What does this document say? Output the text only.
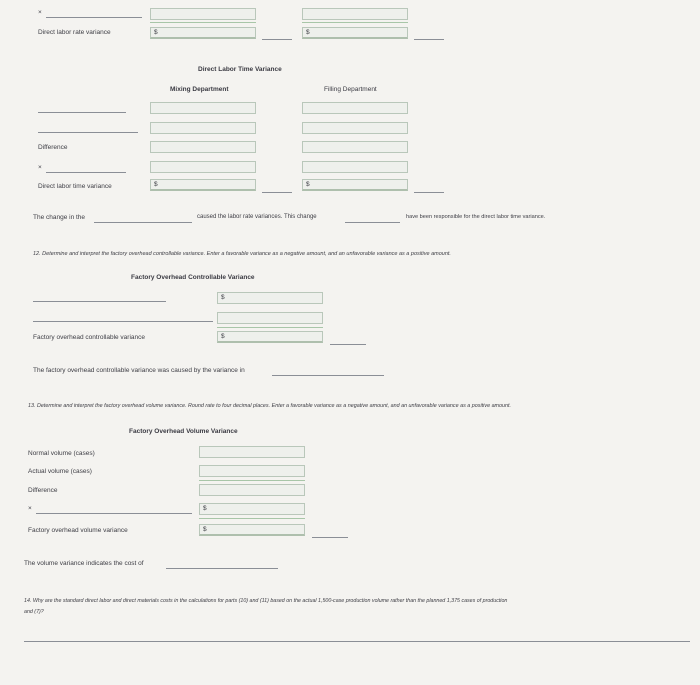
×
Direct labor rate variance	$	$
Direct Labor Time Variance
Mixing Department	Filling Department
Difference
×
Direct labor time variance	$	$
The change in the	caused the labor rate variances. This change	have been responsible for the direct labor time variance.
12. Determine and interpret the factory overhead controllable variance. Enter a favorable variance as a negative amount, and an unfavorable variance as a positive amount.
Factory Overhead Controllable Variance
$
Factory overhead controllable variance	$
The factory overhead controllable variance was caused by the variance in
13. Determine and interpret the factory overhead volume variance. Round rate to four decimal places. Enter a favorable variance as a negative amount, and an unfavorable variance as a positive amount.
Factory Overhead Volume Variance
Normal volume (cases)
Actual volume (cases)
Difference
×	$
Factory overhead volume variance	$
The volume variance indicates the cost of
14. Why are the standard direct labor and direct materials costs in the calculations for parts (10) and (11) based on the actual 1,500-case production volume rather than the planned 1,375 cases of production
and (7)?
